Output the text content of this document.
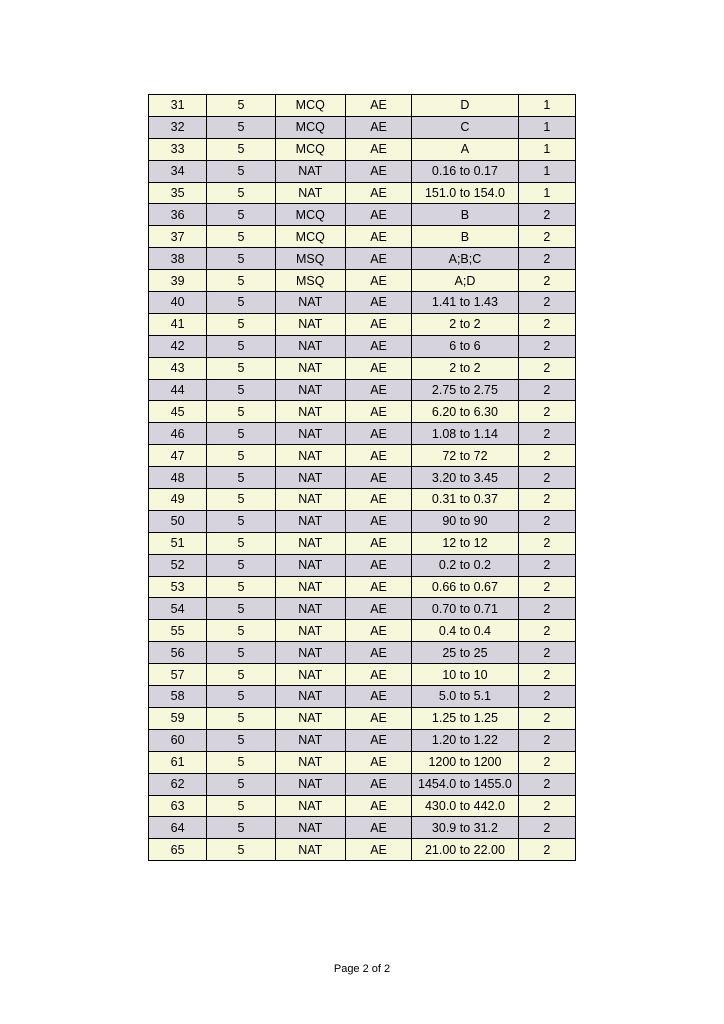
31	5	MCQ	AE	D	1
32	5	MCQ	AE	C	1
33	5	MCQ	AE	A	1
34	5	NAT	AE	0.16 to 0.17	1
35	5	NAT	AE	151.0 to 154.0	1
36	5	MCQ	AE	B	2
37	5	MCQ	AE	B	2
38	5	MSQ	AE	A;B;C	2
39	5	MSQ	AE	A;D	2
40	5	NAT	AE	1.41 to 1.43	2
41	5	NAT	AE	2 to 2	2
42	5	NAT	AE	6 to 6	2
43	5	NAT	AE	2 to 2	2
44	5	NAT	AE	2.75 to 2.75	2
45	5	NAT	AE	6.20 to 6.30	2
46	5	NAT	AE	1.08 to 1.14	2
47	5	NAT	AE	72 to 72	2
48	5	NAT	AE	3.20 to 3.45	2
49	5	NAT	AE	0.31 to 0.37	2
50	5	NAT	AE	90 to 90	2
51	5	NAT	AE	12 to 12	2
52	5	NAT	AE	0.2 to 0.2	2
53	5	NAT	AE	0.66 to 0.67	2
54	5	NAT	AE	0.70 to 0.71	2
55	5	NAT	AE	0.4 to 0.4	2
56	5	NAT	AE	25 to 25	2
57	5	NAT	AE	10 to 10	2
58	5	NAT	AE	5.0 to 5.1	2
59	5	NAT	AE	1.25 to 1.25	2
60	5	NAT	AE	1.20 to 1.22	2
61	5	NAT	AE	1200 to 1200	2
62	5	NAT	AE	1454.0 to 1455.0	2
63	5	NAT	AE	430.0 to 442.0	2
64	5	NAT	AE	30.9 to 31.2	2
65	5	NAT	AE	21.00 to 22.00	2
Page 2 of 2
